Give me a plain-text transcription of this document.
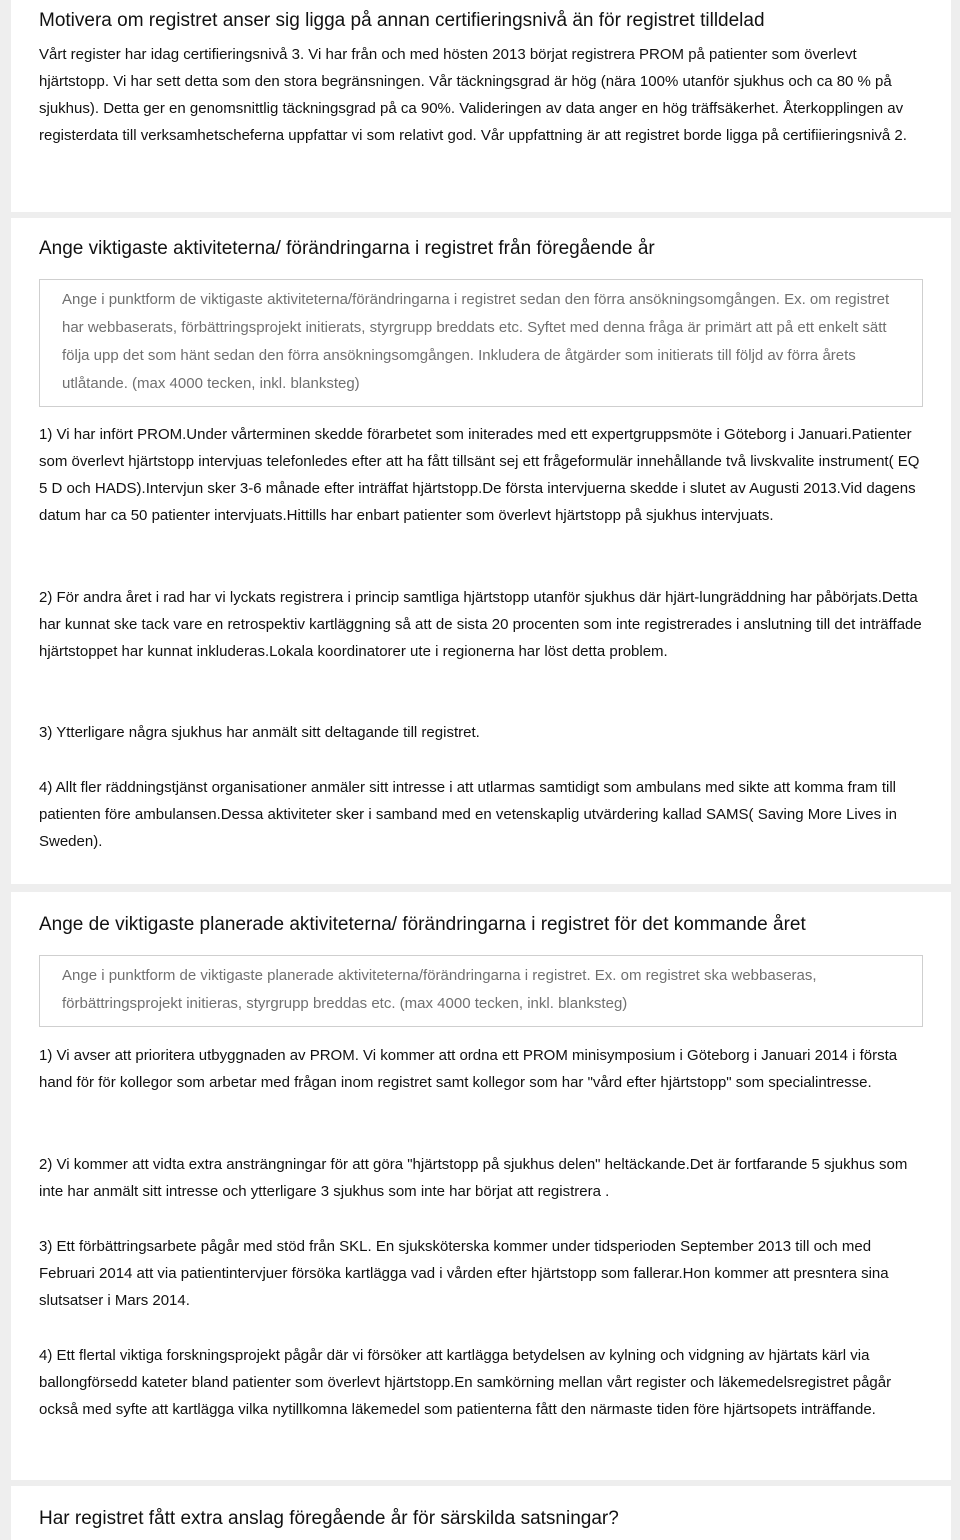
Motivera om registret anser sig ligga på annan certifieringsnivå än för registret tilldelad

Vårt register har idag certifieringsnivå 3. Vi har från och med hösten 2013 börjat registrera PROM på patienter som överlevt hjärtstopp. Vi har sett detta som den stora begränsningen. Vår täckningsgrad är hög (nära 100% utanför sjukhus och ca 80 % på sjukhus). Detta ger en genomsnittlig täckningsgrad på ca 90%. Valideringen av data anger en hög träffsäkerhet. Återkopplingen av registerdata till verksamhetscheferna uppfattar vi som relativt god. Vår uppfattning är att registret borde ligga på certifiieringsnivå 2.

Ange viktigaste aktiviteterna/ förändringarna i registret från föregående år
Ange i punktform de viktigaste aktiviteterna/förändringarna i registret sedan den förra ansökningsomgången. Ex. om registret har webbaserats, förbättringsprojekt initierats, styrgrupp breddats etc. Syftet med denna fråga är primärt att på ett enkelt sätt följa upp det som hänt sedan den förra ansökningsomgången. Inkludera de åtgärder som initierats till följd av förra årets utlåtande. (max 4000 tecken, inkl. blanksteg)

1) Vi har infört PROM.Under vårterminen skedde förarbetet som initerades med ett expertgruppsmöte i Göteborg i Januari.Patienter som överlevt hjärtstopp intervjuas telefonledes efter att ha fått tillsänt sej ett frågeformulär innehållande två livskvalite instrument( EQ 5 D och HADS).Intervjun sker 3-6 månade efter inträffat hjärtstopp.De första intervjuerna skedde i slutet av Augusti 2013.Vid dagens datum har ca 50 patienter intervjuats.Hittills har enbart patienter som överlevt hjärtstopp på sjukhus intervjuats.

2) För andra året i rad har vi lyckats registrera i princip samtliga hjärtstopp utanför sjukhus där hjärt-lungräddning har påbörjats.Detta har kunnat ske tack vare en retrospektiv kartläggning så att de sista 20 procenten som inte registrerades i anslutning till det inträffade hjärtstoppet har kunnat inkluderas.Lokala koordinatorer ute i regionerna har löst detta problem.

3) Ytterligare några sjukhus har anmält sitt deltagande till registret.

4) Allt fler räddningstjänst organisationer anmäler sitt intresse i att utlarmas samtidigt som ambulans med sikte att komma fram till patienten före ambulansen.Dessa aktiviteter sker i samband med en vetenskaplig utvärdering kallad SAMS( Saving More Lives in Sweden).

Ange de viktigaste planerade aktiviteterna/ förändringarna i registret för det kommande året
Ange i punktform de viktigaste planerade aktiviteterna/förändringarna i registret. Ex. om registret ska webbaseras, förbättringsprojekt initieras, styrgrupp breddas etc. (max 4000 tecken, inkl. blanksteg)

1) Vi avser att prioritera utbyggnaden av PROM. Vi kommer att ordna ett PROM minisymposium i Göteborg i Januari 2014 i första hand för för kollegor som arbetar med frågan inom registret samt kollegor som har "vård efter hjärtstopp" som specialintresse.

2) Vi kommer att vidta extra ansträngningar för att göra "hjärtstopp på sjukhus delen" heltäckande.Det är fortfarande 5 sjukhus som inte har anmält sitt intresse och ytterligare 3 sjukhus som inte har börjat att registrera .

3) Ett förbättringsarbete pågår med stöd från SKL. En sjuksköterska kommer under tidsperioden September 2013 till och med Februari 2014 att via patientintervjuer försöka kartlägga vad i vården efter hjärtstopp som fallerar.Hon kommer att presntera sina slutsatser i Mars 2014.

4) Ett flertal viktiga forskningsprojekt pågår där vi försöker att kartlägga betydelsen av kylning och vidgning av hjärtats kärl via ballongförsedd kateter bland patienter som överlevt hjärtstopp.En samkörning mellan vårt register och läkemedelsregistret pågår också med syfte att kartlägga vilka nytillkomna läkemedel som patienterna fått den närmaste tiden före hjärtsopets inträffande.

Har registret fått extra anslag föregående år för särskilda satsningar?
